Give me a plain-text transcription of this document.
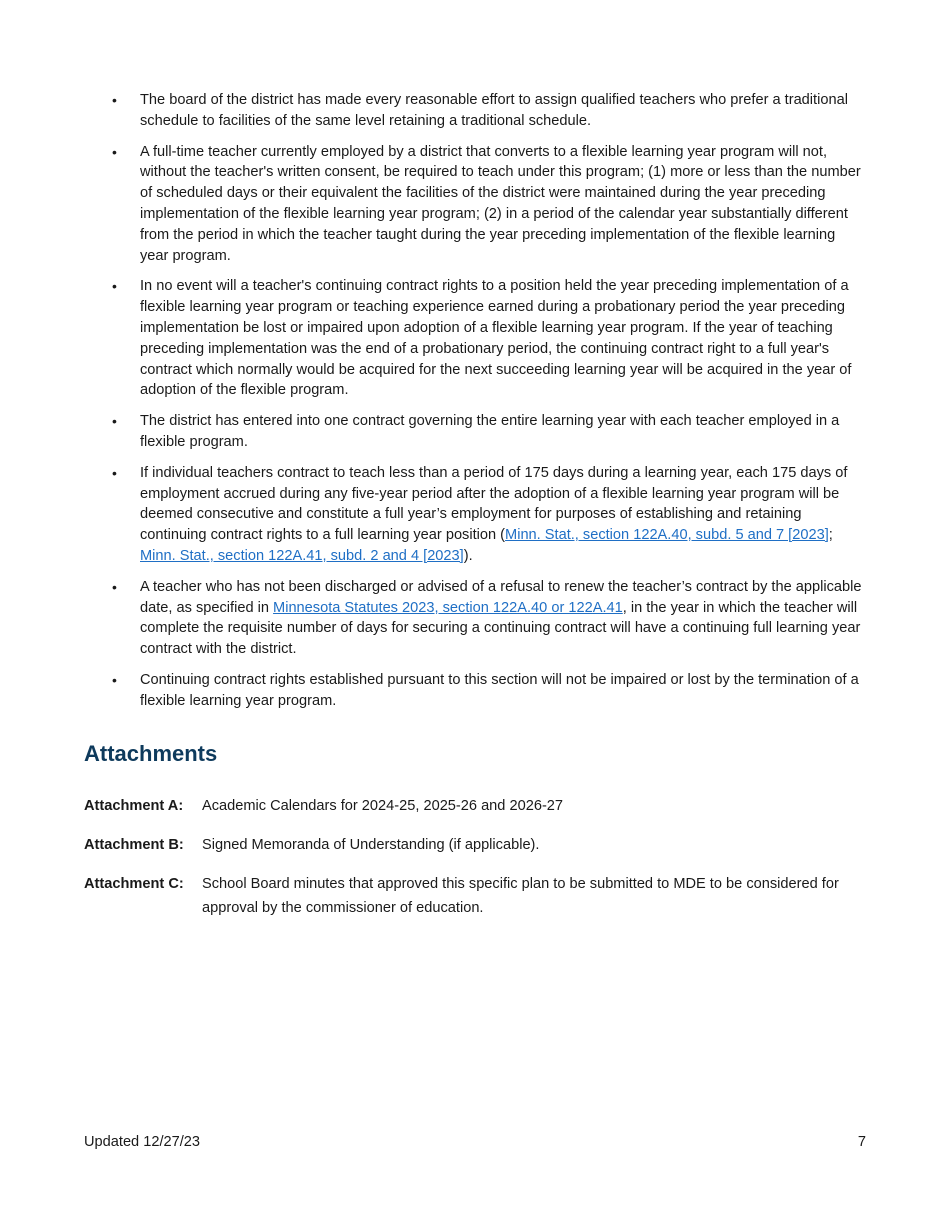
• The board of the district has made every reasonable effort to assign qualified teachers who prefer a traditional schedule to facilities of the same level retaining a traditional schedule.
• A full-time teacher currently employed by a district that converts to a flexible learning year program will not, without the teacher's written consent, be required to teach under this program; (1) more or less than the number of scheduled days or their equivalent the facilities of the district were maintained during the year preceding implementation of the flexible learning year program; (2) in a period of the calendar year substantially different from the period in which the teacher taught during the year preceding implementation of the flexible learning year program.
• In no event will a teacher's continuing contract rights to a position held the year preceding implementation of a flexible learning year program or teaching experience earned during a probationary period the year preceding implementation be lost or impaired upon adoption of a flexible learning year program. If the year of teaching preceding implementation was the end of a probationary period, the continuing contract right to a full year's contract which normally would be acquired for the next succeeding learning year will be acquired in the year of adoption of the flexible program.
• The district has entered into one contract governing the entire learning year with each teacher employed in a flexible program.
• If individual teachers contract to teach less than a period of 175 days during a learning year, each 175 days of employment accrued during any five-year period after the adoption of a flexible learning year program will be deemed consecutive and constitute a full year’s employment for purposes of establishing and retaining continuing contract rights to a full learning year position (Minn. Stat., section 122A.40, subd. 5 and 7 [2023]; Minn. Stat., section 122A.41, subd. 2 and 4 [2023]).
• A teacher who has not been discharged or advised of a refusal to renew the teacher’s contract by the applicable date, as specified in Minnesota Statutes 2023, section 122A.40 or 122A.41, in the year in which the teacher will complete the requisite number of days for securing a continuing contract will have a continuing full learning year contract with the district.
• Continuing contract rights established pursuant to this section will not be impaired or lost by the termination of a flexible learning year program.
Attachments
Attachment A:	Academic Calendars for 2024-25, 2025-26 and 2026-27
Attachment B:	Signed Memoranda of Understanding (if applicable).
Attachment C:	School Board minutes that approved this specific plan to be submitted to MDE to be considered for approval by the commissioner of education.
Updated 12/27/23	7
